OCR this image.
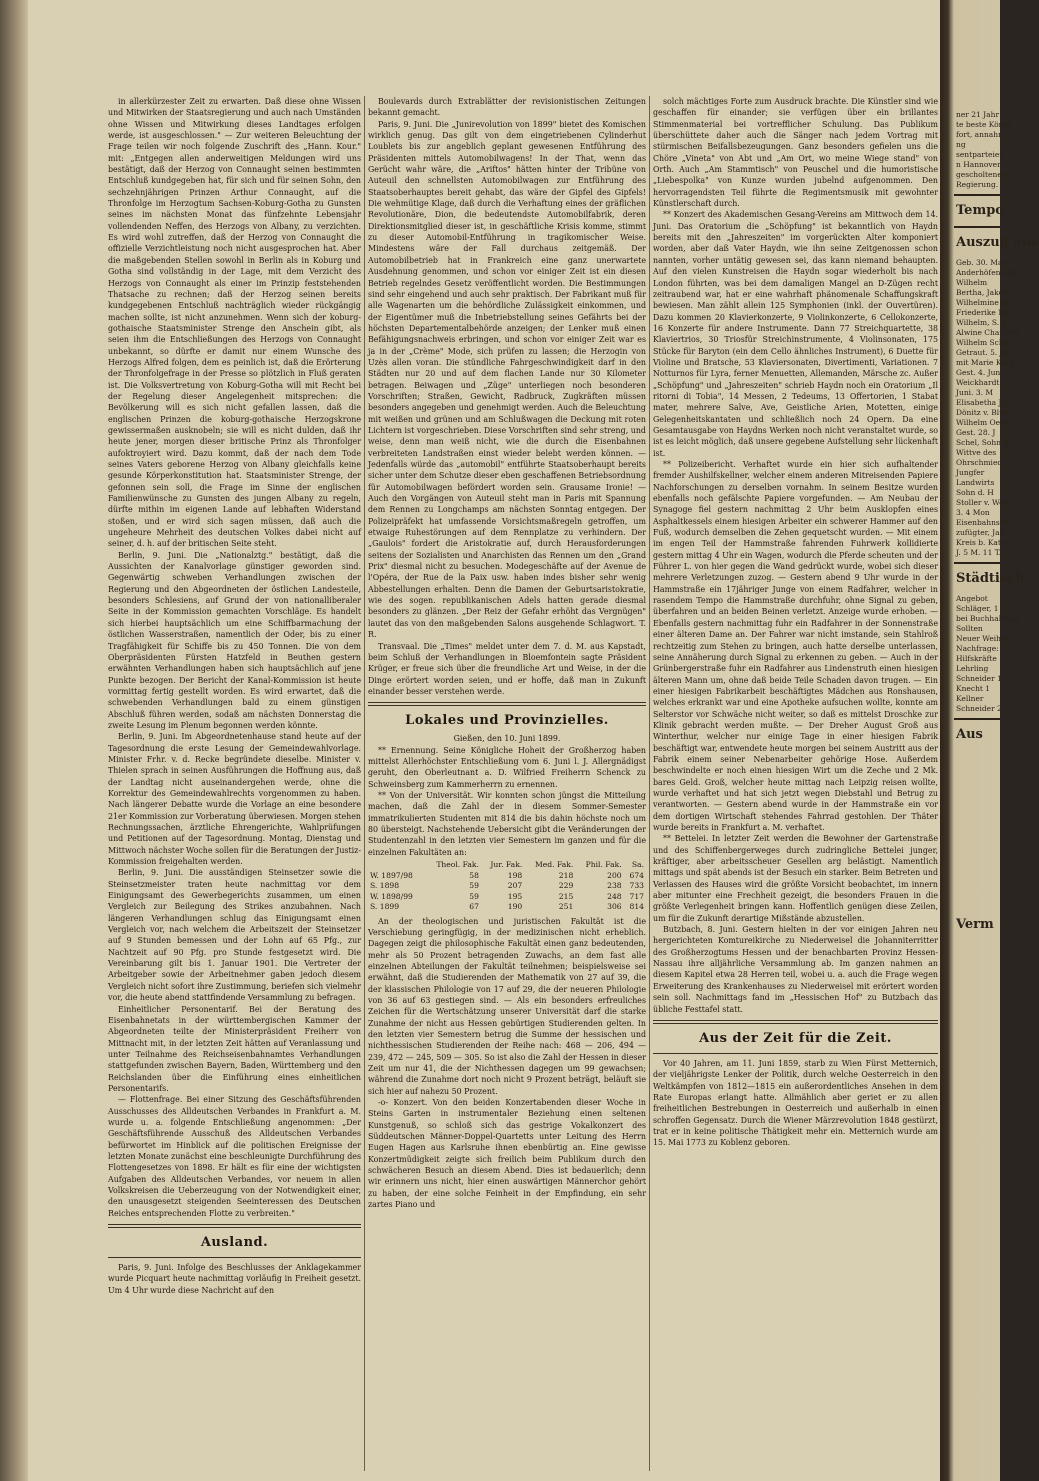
in allerkürzester Zeit zu erwarten. Daß diese ohne Wissen und Mitwirken der Staatsregierung und auch nach Umständen ohne Wissen und Mitwirkung dieses Landtages erfolgen werde, ist ausgeschlossen." — Zur weiteren Beleuchtung der Frage teilen wir noch folgende Zuschrift des „Hann. Kour." mit: „Entgegen allen anderweitigen Meldungen wird uns bestätigt, daß der Herzog von Connaught seinen bestimmten Entschluß kundgegeben hat, für sich und für seinen Sohn, den sechzehnjährigen Prinzen Arthur Connaught, auf die Thronfolge im Herzogtum Sachsen-Koburg-Gotha zu Gunsten seines im nächsten Monat das fünfzehnte Lebensjahr vollendenden Neffen, des Herzogs von Albany, zu verzichten. Es wird wohl zutreffen, daß der Herzog von Connaught die offizielle Verzichtleistung noch nicht ausgesprochen hat. Aber die maßgebenden Stellen sowohl in Berlin als in Koburg und Gotha sind vollständig in der Lage, mit dem Verzicht des Herzogs von Connaught als einer im Prinzip feststehenden Thatsache zu rechnen; daß der Herzog seinen bereits kundgegebenen Entschluß nachträglich wieder rückgängig machen sollte, ist nicht anzunehmen. Wenn sich der koburg-gothaische Staatsminister Strenge den Anschein gibt, als seien ihm die Entschließungen des Herzogs von Connaught unbekannt, so dürfte er damit nur einem Wunsche des Herzogs Alfred folgen, dem es peinlich ist, daß die Erörterung der Thronfolgefrage in der Presse so plötzlich in Fluß geraten ist. Die Volksvertretung von Koburg-Gotha will mit Recht bei der Regelung dieser Angelegenheit mitsprechen: die Bevölkerung will es sich nicht gefallen lassen, daß die englischen Prinzen die koburg-gothaische Herzogskrone gewissermaßen ausknobeln; sie will es nicht dulden, daß ihr heute jener, morgen dieser britische Prinz als Thronfolger aufoktroyiert wird. Dazu kommt, daß der nach dem Tode seines Vaters geborene Herzog von Albany gleichfalls keine gesunde Körperkonstitution hat. Staatsminister Strenge, der gefonnen sein soll, die Frage im Sinne der englischen Familienwünsche zu Gunsten des jungen Albany zu regeln, dürfte mithin im eigenen Lande auf lebhaften Widerstand stoßen, und er wird sich sagen müssen, daß auch die ungeheure Mehrheit des deutschen Volkes dabei nicht auf seiner, d. h. auf der britischen Seite steht.

Berlin, 9. Juni. Die „Nationalztg." bestätigt, daß die Aussichten der Kanalvorlage günstiger geworden sind. Gegenwärtig schweben Verhandlungen zwischen der Regierung und den Abgeordneten der östlichen Landesteile, besonders Schlesiens, auf Grund der von nationalliberaler Seite in der Kommission gemachten Vorschläge. Es handelt sich hierbei hauptsächlich um eine Schiffbarmachung der östlichen Wasserstraßen, namentlich der Oder, bis zu einer Tragfähigkeit für Schiffe bis zu 450 Tonnen. Die von dem Oberpräsidenten Fürsten Hatzfeld in Beuthen gestern erwähnten Verhandlungen haben sich hauptsächlich auf jene Punkte bezogen. Der Bericht der Kanal-Kommission ist heute vormittag fertig gestellt worden. Es wird erwartet, daß die schwebenden Verhandlungen bald zu einem günstigen Abschluß führen werden, sodaß am nächsten Donnerstag die zweite Lesung im Plenum begonnen werden könnte.

Berlin, 9. Juni. Im Abgeordnetenhause stand heute auf der Tagesordnung die erste Lesung der Gemeindewahlvorlage. Minister Frhr. v. d. Recke begründete dieselbe. Minister v. Thielen sprach in seinen Ausführungen die Hoffnung aus, daß der Landtag nicht auseinandergehen werde, ohne die Korrektur des Gemeindewahlrechts vorgenommen zu haben. Nach längerer Debatte wurde die Vorlage an eine besondere 21er Kommission zur Vorberatung überwiesen. Morgen stehen Rechnungssachen, ärztliche Ehrengerichte, Wahlprüfungen und Petitionen auf der Tagesordnung. Montag, Dienstag und Mittwoch nächster Woche sollen für die Beratungen der Justiz-Kommission freigehalten werden.

Berlin, 9. Juni. Die ausständigen Steinsetzer sowie die Steinsetzmeister traten heute nachmittag vor dem Einigungsamt des Gewerbegerichts zusammen, um einen Vergleich zur Beilegung des Strikes anzubahnen. Nach längeren Verhandlungen schlug das Einigungsamt einen Vergleich vor, nach welchem die Arbeitszeit der Steinsetzer auf 9 Stunden bemessen und der Lohn auf 65 Pfg., zur Nachtzeit auf 90 Pfg. pro Stunde festgesetzt wird. Die Vereinbarung gilt bis 1. Januar 1901. Die Vertreter der Arbeitgeber sowie der Arbeitnehmer gaben jedoch diesem Vergleich nicht sofort ihre Zustimmung, beriefen sich vielmehr vor, die heute abend stattfindende Versammlung zu befragen.

Einheitlicher Personentarif. Bei der Beratung des Eisenbahnetats in der württembergischen Kammer der Abgeordneten teilte der Ministerpräsident Freiherr von Mittnacht mit, in der letzten Zeit hätten auf Veranlassung und unter Teilnahme des Reichseisenbahnamtes Verhandlungen stattgefunden zwischen Bayern, Baden, Württemberg und den Reichslanden über die Einführung eines einheitlichen Personentarifs.

— Flottenfrage. Bei einer Sitzung des Geschäftsführenden Ausschusses des Alldeutschen Verbandes in Frankfurt a. M. wurde u. a. folgende Entschließung angenommen: „Der Geschäftsführende Ausschuß des Alldeutschen Verbandes befürwortet im Hinblick auf die politischen Ereignisse der letzten Monate zunächst eine beschleunigte Durchführung des Flottengesetzes von 1898. Er hält es für eine der wichtigsten Aufgaben des Alldeutschen Verbandes, vor neuem in allen Volkskreisen die Ueberzeugung von der Notwendigkeit einer, den unausgesetzt steigenden Seeinteressen des Deutschen Reiches entsprechenden Flotte zu verbreiten."

Ausland.

Paris, 9. Juni. Infolge des Beschlusses der Anklagekammer wurde Picquart heute nachmittag vorläufig in Freiheit gesetzt. Um 4 Uhr wurde diese Nachricht auf den

Boulevards durch Extrablätter der revisionistischen Zeitungen bekannt gemacht.

Paris, 9. Juni. Die „Junirevolution von 1899" bietet des Komischen wirklich genug. Das gilt von dem eingetriebenen Cylinderhut Loublets bis zur angeblich geplant gewesenen Entführung des Präsidenten mittels Automobilwagens! In der That, wenn das Gerücht wahr wäre, die „Ariftos" hätten hinter der Tribüne von Auteuil den schnellsten Automobilwagen zur Entführung des Staatsoberhauptes bereit gehabt, das wäre der Gipfel des Gipfels! Die wehmütige Klage, daß durch die Verhaftung eines der gräflichen Revolutionäre, Dion, die bedeutendste Automobilfabrik, deren Direktionsmitglied dieser ist, in geschäftliche Krisis komme, stimmt zu dieser Automobil-Entführung in tragikomischer Weise. Mindestens wäre der Fall durchaus zeitgemäß. Der Automobilbetrieb hat in Frankreich eine ganz unerwartete Ausdehnung genommen, und schon vor einiger Zeit ist ein diesen Betrieb regelndes Gesetz veröffentlicht worden. Die Bestimmungen sind sehr eingehend und auch sehr praktisch. Der Fabrikant muß für alle Wagenarten um die behördliche Zulässigkeit einkommen, und der Eigentümer muß die Inbetriebstellung seines Gefährts bei der höchsten Departementalbehörde anzeigen; der Lenker muß einen Befähigungsnachweis erbringen, und schon vor einiger Zeit war es ja in der „Crème" Mode, sich prüfen zu lassen; die Herzogin von Uzès allen voran. Die stündliche Fahrgeschwindigkeit darf in den Städten nur 20 und auf dem flachen Lande nur 30 Kilometer betragen. Beiwagen und „Züge" unterliegen noch besonderen Vorschriften; Straßen, Gewicht, Radbruck, Zugkräften müssen besonders angegeben und genehmigt werden. Auch die Beleuchtung mit weißen und grünen und am Schlußwagen die Deckung mit roten Lichtern ist vorgeschrieben. Diese Vorschriften sind sehr streng, und weise, denn man weiß nicht, wie die durch die Eisenbahnen verbreiteten Landstraßen einst wieder belebt werden können. — Jedenfalls würde das „automobil" entführte Staatsoberhaupt bereits sicher unter dem Schutze dieser eben geschaffenen Betriebsordnung für Automobilwagen befördert worden sein. Grausame Ironie! — Auch den Vorgängen von Auteuil steht man in Paris mit Spannung dem Rennen zu Longchamps am nächsten Sonntag entgegen. Der Polizeipräfekt hat umfassende Vorsichtsmaßregeln getroffen, um etwaige Ruhestörungen auf dem Rennplatze zu verhindern. Der „Gaulois" fordert die Aristokratie auf, durch Herausforderungen seitens der Sozialisten und Anarchisten das Rennen um den „Grand Prix" diesmal nicht zu besuchen. Modegeschäfte auf der Avenue de l'Opéra, der Rue de la Paix usw. haben indes bisher sehr wenig Abbestellungen erhalten. Denn die Damen der Geburtsaristokratie, wie des sogen. republikanischen Adels hatten gerade diesmal besonders zu glänzen. „Der Reiz der Gefahr erhöht das Vergnügen" lautet das von den maßgebenden Salons ausgehende Schlagwort. T. R.

Transvaal. Die „Times" meldet unter dem 7. d. M. aus Kapstadt, beim Schluß der Verhandlungen in Bloemfontein sagte Präsident Krüger, er freue sich über die freundliche Art und Weise, in der die Dinge erörtert worden seien, und er hoffe, daß man in Zukunft einander besser verstehen werde.

Lokales und Provinzielles.

Gießen, den 10. Juni 1899.

** Ernennung. Seine Königliche Hoheit der Großherzog haben mittelst Allerhöchster Entschließung vom 6. Juni l. J. Allergnädigst geruht, den Oberleutnant a. D. Wilfried Freiherrn Schenck zu Schweinsberg zum Kammerherrn zu ernennen.

** Von der Universität. Wir konnten schon jüngst die Mitteilung machen, daß die Zahl der in diesem Sommer-Semester immatrikulierten Studenten mit 814 die bis dahin höchste noch um 80 übersteigt. Nachstehende Uebersicht gibt die Veränderungen der Studentenzahl in den letzten vier Semestern im ganzen und für die einzelnen Fakultäten an:

	Theol. Fak.	Jur. Fak.	Med. Fak.	Phil. Fak.	Sa.
W. 1897/98	58	198	218	200	674
S. 1898	59	207	229	238	733
W. 1898/99	59	195	215	248	717
S. 1899	67	190	251	306	814

An der theologischen und juristischen Fakultät ist die Verschiebung geringfügig, in der medizinischen nicht erheblich. Dagegen zeigt die philosophische Fakultät einen ganz bedeutenden, mehr als 50 Prozent betragenden Zuwachs, an dem fast alle einzelnen Abteilungen der Fakultät teilnehmen; beispielsweise sei erwähnt, daß die Studierenden der Mathematik von 27 auf 39, die der klassischen Philologie von 17 auf 29, die der neueren Philologie von 36 auf 63 gestiegen sind. — Als ein besonders erfreuliches Zeichen für die Wertschätzung unserer Universität darf die starke Zunahme der nicht aus Hessen gebürtigen Studierenden gelten. In den letzten vier Semestern betrug die Summe der hessischen und nichthessischen Studierenden der Reihe nach: 468 — 206, 494 — 239, 472 — 245, 509 — 305. So ist also die Zahl der Hessen in dieser Zeit um nur 41, die der Nichthessen dagegen um 99 gewachsen; während die Zunahme dort noch nicht 9 Prozent beträgt, beläuft sie sich hier auf nahezu 50 Prozent.

-o- Konzert. Von den beiden Konzertabenden dieser Woche in Steins Garten in instrumentaler Beziehung einen seltenen Kunstgenuß, so schloß sich das gestrige Vokalkonzert des Süddeutschen Männer-Doppel-Quartetts unter Leitung des Herrn Eugen Hagen aus Karlsruhe ihnen ebenbürtig an. Eine gewisse Konzertmüdigkeit zeigte sich freilich beim Publikum durch den schwächeren Besuch an diesem Abend. Dies ist bedauerlich; denn wir erinnern uns nicht, hier einen auswärtigen Männerchor gehört zu haben, der eine solche Feinheit in der Empfindung, ein sehr zartes Piano und

solch mächtiges Forte zum Ausdruck brachte. Die Künstler sind wie geschaffen für einander; sie verfügen über ein brillantes Stimmenmaterial bei vortrefflicher Schulung. Das Publikum überschüttete daher auch die Sänger nach jedem Vortrag mit stürmischen Beifallsbezeugungen. Ganz besonders gefielen uns die Chöre „Vineta" von Abt und „Am Ort, wo meine Wiege stand" von Orth. Auch „Am Stammtisch" von Peuschel und die humoristische „Liebespolka" von Kunze wurden jubelnd aufgenommen. Den hervorragendsten Teil führte die Regimentsmusik mit gewohnter Künstlerschaft durch.

** Konzert des Akademischen Gesang-Vereins am Mittwoch dem 14. Juni. Das Oratorium die „Schöpfung" ist bekanntlich von Haydn bereits mit den „Jahreszeiten" im vorgerückten Alter komponiert worden, aber daß Vater Haydn, wie ihn seine Zeitgenossen schon nannten, vorher untätig gewesen sei, das kann niemand behaupten. Auf den vielen Kunstreisen die Haydn sogar wiederholt bis nach London führten, was bei dem damaligen Mangel an D-Zügen recht zeitraubend war, hat er eine wahrhaft phänomenale Schaffungskraft bewiesen. Man zählt allein 125 Symphonien (inkl. der Ouvertüren). Dazu kommen 20 Klavierkonzerte, 9 Violinkonzerte, 6 Cellokonzerte, 16 Konzerte für andere Instrumente. Dann 77 Streichquartette, 38 Klaviertrios, 30 Triosfür Streichinstrumente, 4 Violinsonaten, 175 Stücke für Baryton (ein dem Cello ähnliches Instrument), 6 Duette für Violine und Bratsche, 53 Klaviersonaten, Divertimenti, Variationen. 7 Notturnos für Lyra, ferner Menuetten, Allemanden, Märsche zc. Außer „Schöpfung" und „Jahreszeiten" schrieb Haydn noch ein Oratorium „Il ritorni di Tobia", 14 Messen, 2 Tedeums, 13 Offertorien, 1 Stabat mater, mehrere Salve, Ave, Geistliche Arien, Motetten, einige Gelegenheitskantaten und schließlich noch 24 Opern. Da eine Gesamtausgabe von Haydns Werken noch nicht veranstaltet wurde, so ist es leicht möglich, daß unsere gegebene Aufstellung sehr lückenhaft ist.

** Polizeibericht. Verhaftet wurde ein hier sich aufhaltender fremder Aushilfskellner, welcher einem anderen Mitreisenden Papiere Nachforschungen zu derselben vornahm. In seinem Besitze wurden ebenfalls noch gefälschte Papiere vorgefunden. — Am Neubau der Synagoge fiel gestern nachmittag 2 Uhr beim Ausklopfen eines Asphaltkessels einem hiesigen Arbeiter ein schwerer Hammer auf den Fuß, wodurch demselben die Zehen gequetscht wurden. — Mit einem im engen Teil der Hammstraße fahrenden Fuhrwerk kollidierte gestern mittag 4 Uhr ein Wagen, wodurch die Pferde scheuten und der Führer L. von hier gegen die Wand gedrückt wurde, wobei sich dieser mehrere Verletzungen zuzog. — Gestern abend 9 Uhr wurde in der Hammstraße ein 17jähriger Junge von einem Radfahrer, welcher in rasendem Tempo die Hammstraße durchfuhr, ohne Signal zu geben, überfahren und an beiden Beinen verletzt. Anzeige wurde erhoben. — Ebenfalls gestern nachmittag fuhr ein Radfahrer in der Sonnenstraße einer älteren Dame an. Der Fahrer war nicht imstande, sein Stahlroß rechtzeitig zum Stehen zu bringen, auch hatte derselbe unterlassen, seine Annäherung durch Signal zu erkennen zu geben. — Auch in der Grünbergerstraße fuhr ein Radfahrer aus Lindenstruth einen hiesigen älteren Mann um, ohne daß beide Teile Schaden davon trugen. — Ein einer hiesigen Fabrikarbeit beschäftigtes Mädchen aus Ronshausen, welches erkrankt war und eine Apotheke aufsuchen wollte, konnte am Selterstor vor Schwäche nicht weiter, so daß es mittelst Droschke zur Klinik gebracht werden mußte. — Der Dreher August Groß aus Winterthur, welcher nur einige Tage in einer hiesigen Fabrik beschäftigt war, entwendete heute morgen bei seinem Austritt aus der Fabrik einem seiner Nebenarbeiter gehörige Hose. Außerdem beschwindelte er noch einen hiesigen Wirt um die Zeche und 2 Mk. bares Geld. Groß, welcher heute mittag nach Leipzig reisen wollte, wurde verhaftet und hat sich jetzt wegen Diebstahl und Betrug zu verantworten. — Gestern abend wurde in der Hammstraße ein vor dem dortigen Wirtschaft stehendes Fahrrad gestohlen. Der Thäter wurde bereits in Frankfurt a. M. verhaftet.

** Bettelei. In letzter Zeit werden die Bewohner der Gartenstraße und des Schiffenbergerweges durch zudringliche Bettelei junger, kräftiger, aber arbeitsscheuer Gesellen arg belästigt. Namentlich mittags und spät abends ist der Besuch ein starker. Beim Betreten und Verlassen des Hauses wird die größte Vorsicht beobachtet, im innern aber mitunter eine Frechheit gezeigt, die besonders Frauen in die größte Verlegenheit bringen kann. Hoffentlich genügen diese Zeilen, um für die Zukunft derartige Mißstände abzustellen.

Butzbach, 8. Juni. Gestern hielten in der vor einigen Jahren neu hergerichteten Komtureikirche zu Niederweisel die Johanniterritter des Großherzogtums Hessen und der benachbarten Provinz Hessen-Nassau ihre alljährliche Versammlung ab. Im ganzen nahmen an diesem Kapitel etwa 28 Herren teil, wobei u. a. auch die Frage wegen Erweiterung des Krankenhauses zu Niederweisel mit erörtert worden sein soll. Nachmittags fand im „Hessischen Hof" zu Butzbach das übliche Festtafel statt.

Aus der Zeit für die Zeit.

Vor 40 Jahren, am 11. Juni 1859, starb zu Wien Fürst Metternich, der vieljährigste Lenker der Politik, durch welche Oesterreich in den Weltkämpfen von 1812—1815 ein außerordentliches Ansehen in dem Rate Europas erlangt hatte. Allmählich aber geriet er zu allen freiheitlichen Bestrebungen in Oesterreich und außerhalb in einen schroffen Gegensatz. Durch die Wiener Märzrevolution 1848 gestürzt, trat er in keine politische Thätigkeit mehr ein. Metternich wurde am 15. Mai 1773 zu Koblenz geboren.

ner 21 Jahr
te beste König
fort, annahm
ng
sentparteien
n Hannover
gescholtenen
Regierung.
Tempo
Auszug aus
Geb. 30. Mai
Anderhöfen Hein
Wilhelm
Bertha, Jakob
Wilhelmine Ma
Friederike Ma
Wilhelm, S. d
Alwine Charlotte
Wilhelm Schen
Getraut. 5. Ju
mit Marie Kath
Gest. 4. Juni
Weickhardt 2. J
Juni. 3. M
Elisabetha Jul
Dönitz v. Blum
Wilhelm Oeser
Gest. 28. J
Schel, Sohn d
Wittve des
Ohrschmied
Jungfer
Landwirts
Sohn d. H
Stoller v. Wen
3. 4 Mon
Eisenbahnsch
zufügter, Jah
Kreis b. Kath
J. 5 M. 11 T.
Städtisch
Angebot
Schläger, 1 Ta
bei Buchhaltung
Sollten
Neuer Weiher
Nachfrage:
Hilfskräfte
Lehrling
Schneider 1
Knecht 1
Kellner
Schneider 2
Aus
Verm
